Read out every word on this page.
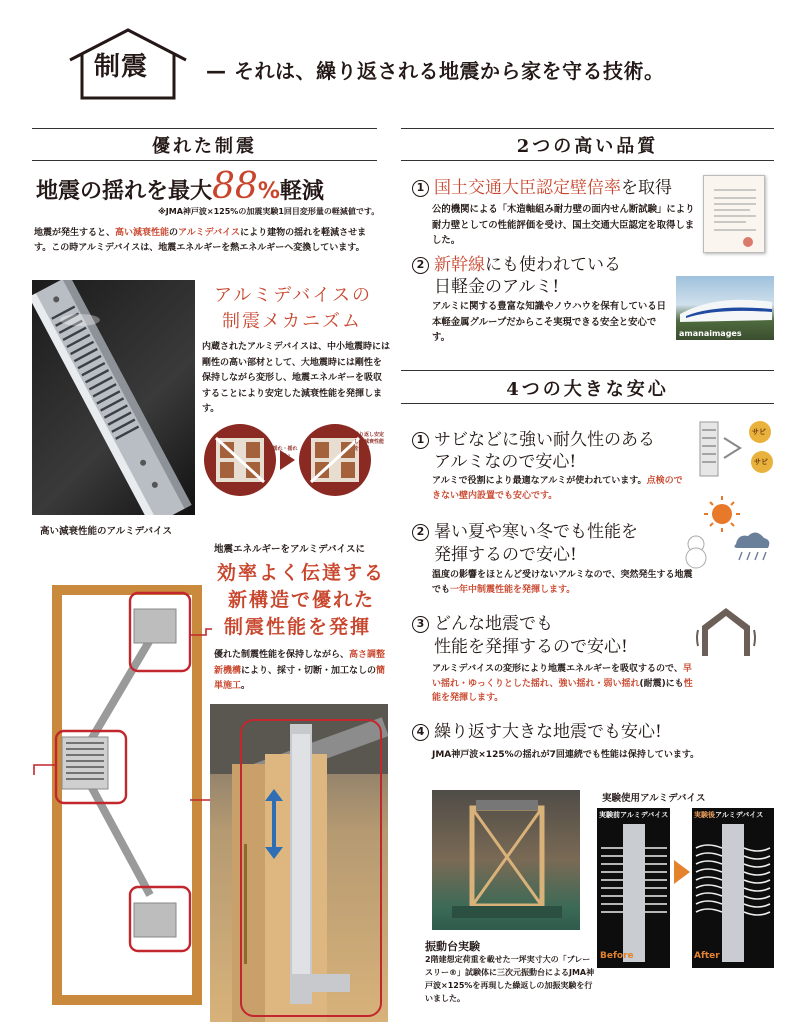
制震	— それは、繰り返される地震から家を守る技術。
優れた制震
地震の揺れを最大88%軽減
※JMA神戸波×125%の加震実験1回目変形量の軽減値です。
地震が発生すると、高い減衰性能のアルミデバイスにより建物の揺れを軽減させます。この時アルミデバイスは、地震エネルギーを熱エネルギーへ変換しています。
高い減衰性能のアルミデバイス
アルミデバイスの
制震メカニズム
内蔵されたアルミデバイスは、中小地震時には剛性の高い部材として、大地震時には剛性を保持しながら変形し、地震エネルギーを吸収することにより安定した減衰性能を発揮します。
揺れ・揺れない
繰り返し安定した減衰性能を発揮
地震エネルギーをアルミデバイスに
効率よく伝達する
新構造で優れた
制震性能を発揮
優れた制震性能を保持しながら、高さ調整新機構により、採寸・切断・加工なしの簡単施工。
2つの高い品質
1 国土交通大臣認定壁倍率を取得
公的機関による「木造軸組み耐力壁の面内せん断試験」により耐力壁としての性能評価を受け、国土交通大臣認定を取得しました。
2 新幹線にも使われている
日軽金のアルミ!
アルミに関する豊富な知識やノウハウを保有している日本軽金属グループだからこそ実現できる安全と安心です。	amanaimages
4つの大きな安心
1 サビなどに強い耐久性のある
アルミなので安心!
アルミで役割により最適なアルミが使われています。点検のできない壁内設置でも安心です。
サビ
サビ
2 暑い夏や寒い冬でも性能を
発揮するので安心!
温度の影響をほとんど受けないアルミなので、突然発生する地震でも一年中制震性能を発揮します。
3 どんな地震でも
性能を発揮するので安心!
アルミデバイスの変形により地震エネルギーを吸収するので、早い揺れ・ゆっくりとした揺れ、強い揺れ・弱い揺れ(耐震)にも性能を発揮します。
4 繰り返す大きな地震でも安心!
JMA神戸波×125%の揺れが7回連続でも性能は保持しています。
振動台実験
2階建想定荷重を載せた一坪実寸大の「ブレースリー®」試験体に三次元振動台によるJMA神戸波×125%を再現した繰返しの加振実験を行いました。
実験使用アルミデバイス
実験前アルミデバイス	実験後アルミデバイス
Before	After
